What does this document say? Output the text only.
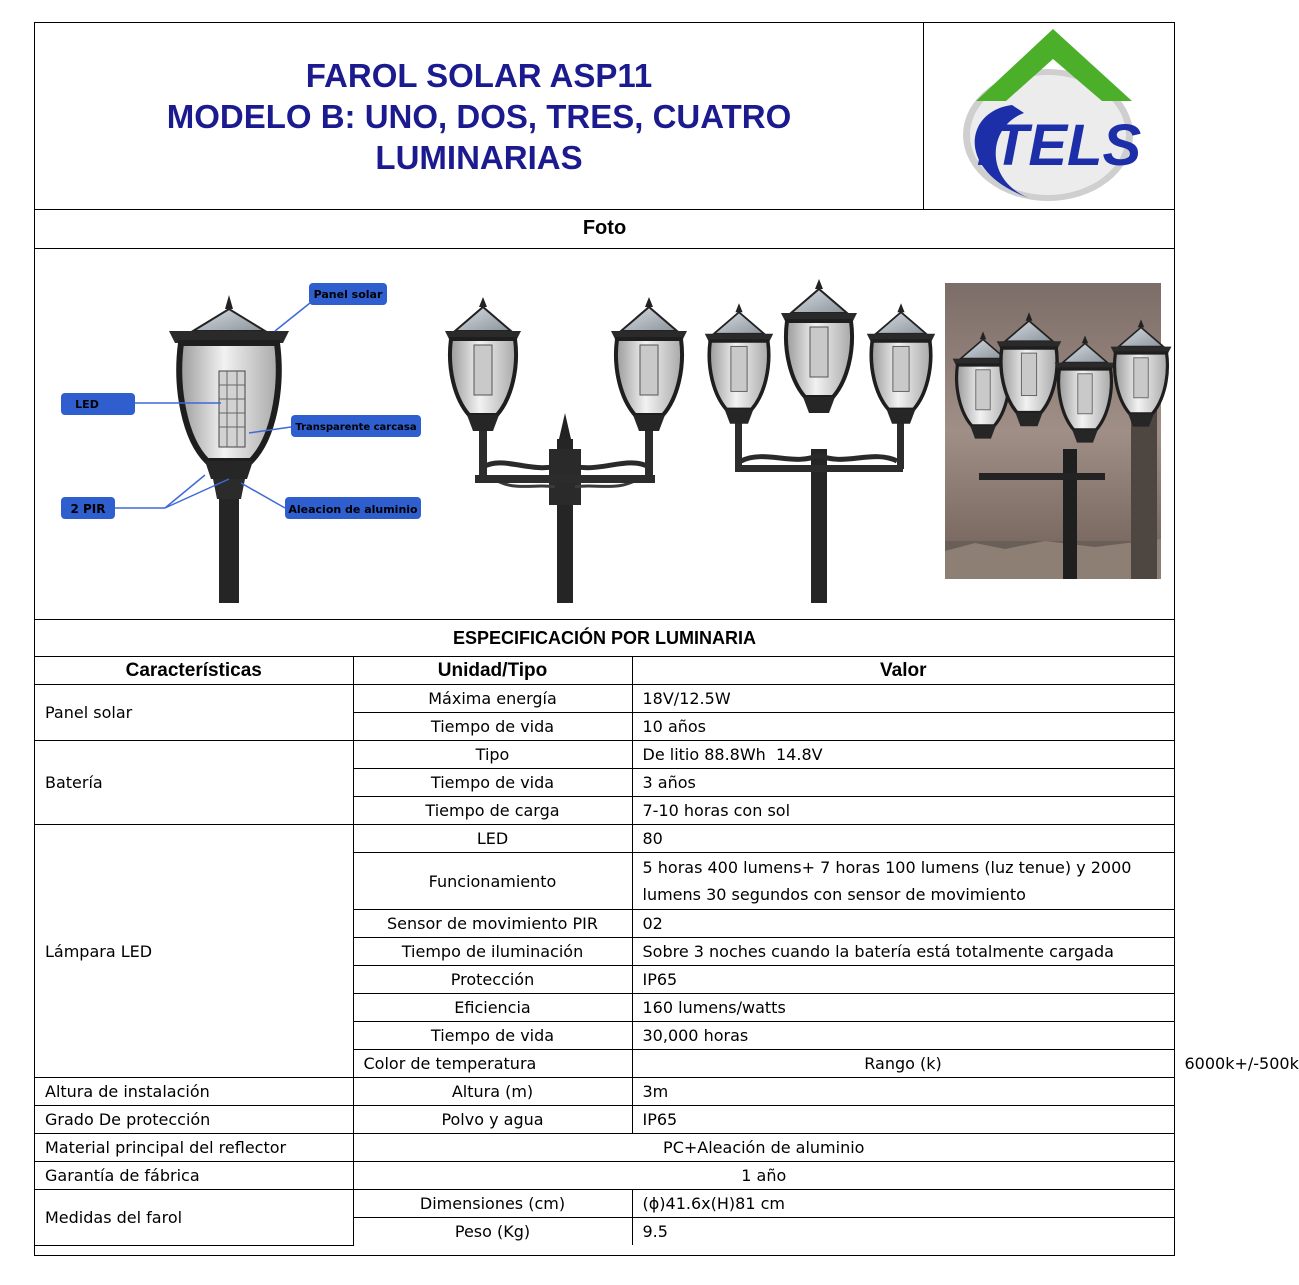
FAROL SOLAR ASP11
MODELO B: UNO, DOS, TRES, CUATRO
LUMINARIAS	ITELS
Foto
Panel solar
LED
Transparente carcasa
2 PIR	Aleacion de aluminio
ESPECIFICACIÓN POR LUMINARIA
Características	Unidad/Tipo	Valor	
Panel solar	Máxima energía	18V/12.5W	
	Tiempo de vida	10 años	
Batería	Tipo	De litio 88.8Wh  14.8V	
	Tiempo de vida	3 años	
	Tiempo de carga	7-10 horas con sol	
Lámpara LED	LED	80	
	Funcionamiento	5 horas 400 lumens+ 7 horas 100 lumens (luz tenue) y 2000
lumens 30 segundos con sensor de movimiento	

	Sensor de movimiento PIR	02	
	Tiempo de iluminación	Sobre 3 noches cuando la batería está totalmente cargada	
	Protección	IP65	
	Eficiencia	160 lumens/watts	
	Tiempo de vida	30,000 horas	
	Color de temperatura	Rango (k)	6000k+/-500k
Altura de instalación	Altura (m)	3m	
Grado De protección	Polvo y agua	IP65	
Material principal del reflector	PC+Aleación de aluminio		
Garantía de fábrica	1 año		
Medidas del farol	Dimensiones (cm)	(ϕ)41.6x(H)81 cm	
	Peso (Kg)	9.5	
